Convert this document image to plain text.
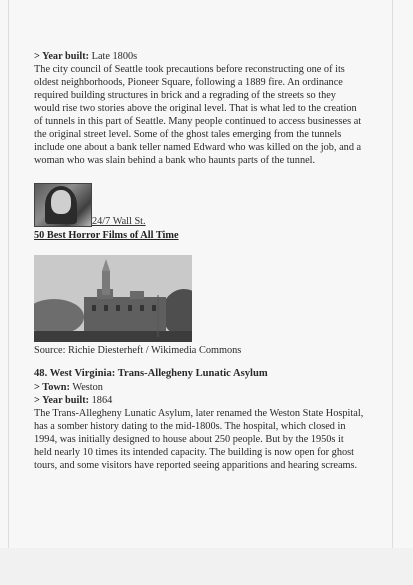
> Year built: Late 1800s
The city council of Seattle took precautions before reconstructing one of its oldest neighborhoods, Pioneer Square, following a 1889 fire. An ordinance required building structures in brick and a regrading of the streets so they would rise two stories above the original level. That is what led to the creation of tunnels in this part of Seattle. Many people continued to access businesses at the original street level. Some of the ghost tales emerging from the tunnels include one about a bank teller named Edward who was killed on the job, and a woman who was slain behind a bank who haunts parts of the tunnel.
24/7 Wall St.
50 Best Horror Films of All Time
Source: Richie Diesterheft / Wikimedia Commons
48. West Virginia: Trans-Allegheny Lunatic Asylum
> Town: Weston
> Year built: 1864
The Trans-Allegheny Lunatic Asylum, later renamed the Weston State Hospital, has a somber history dating to the mid-1800s. The hospital, which closed in 1994, was initially designed to house about 250 people. But by the 1950s it held nearly 10 times its intended capacity. The building is now open for ghost tours, and some visitors have reported seeing apparitions and hearing screams.
